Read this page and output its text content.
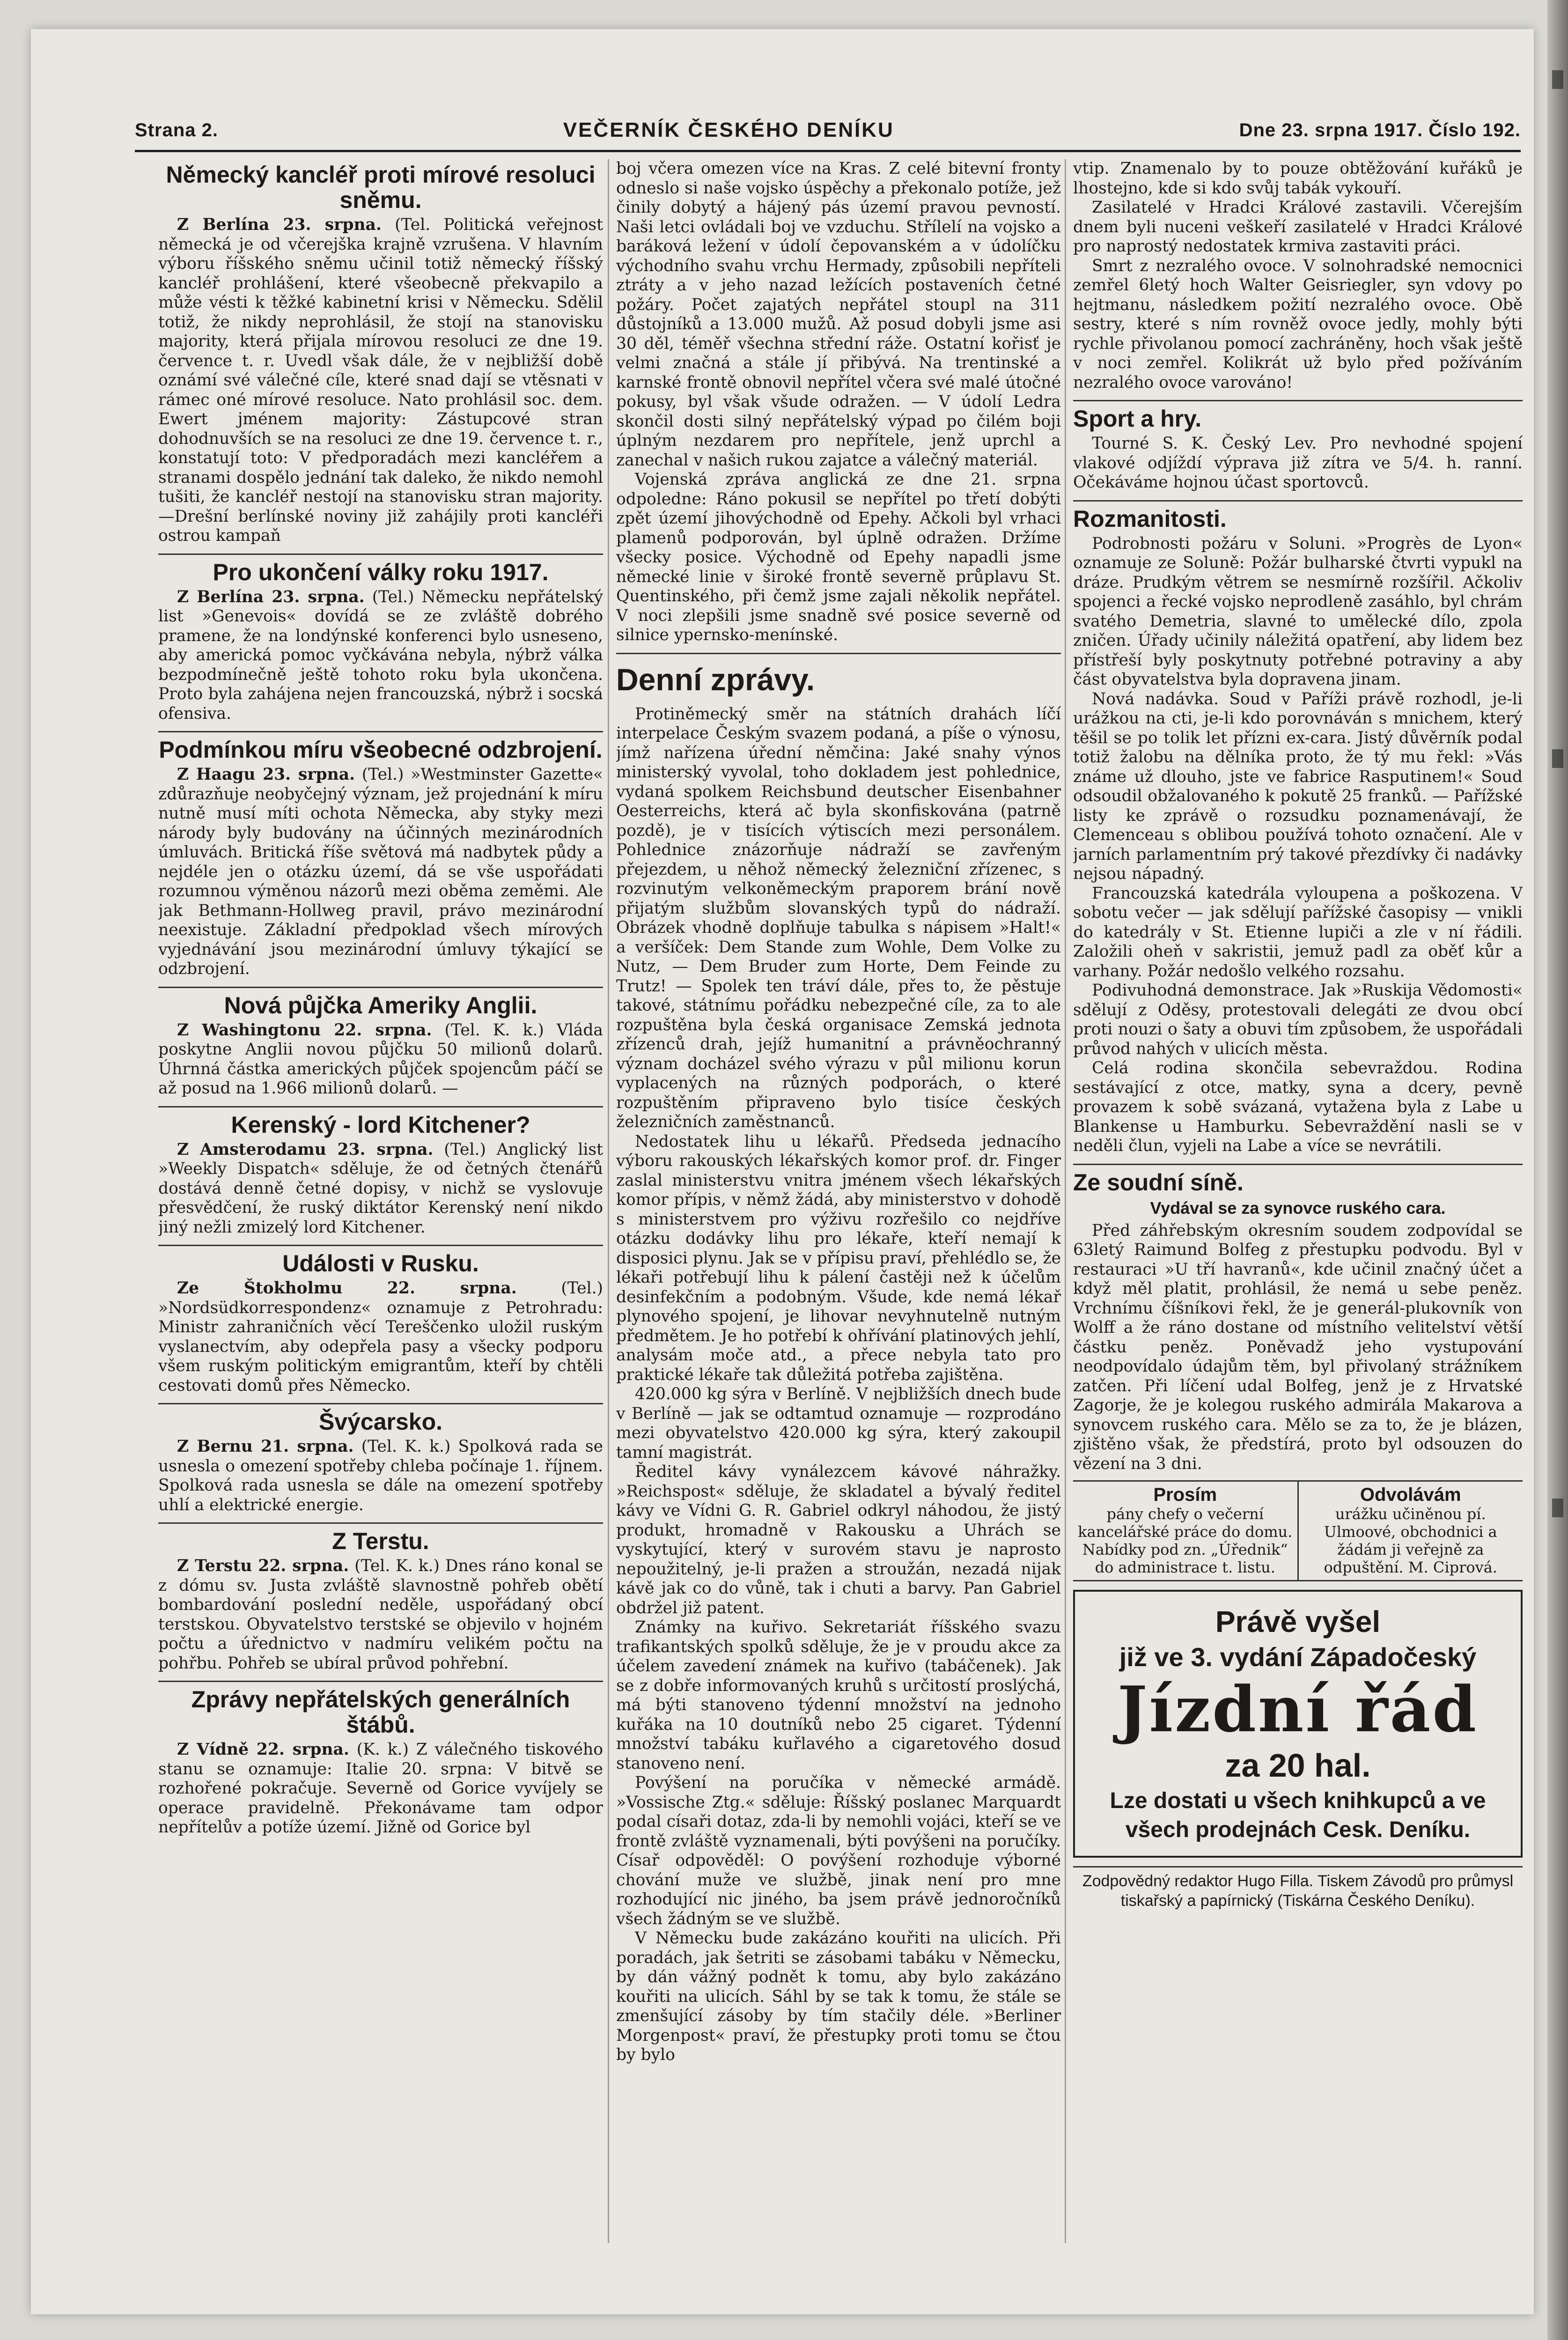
Strana 2.	VEČERNÍK ČESKÉHO DENÍKU	Dne 23. srpna 1917. Číslo 192.
Německý kancléř proti mírové resoluci sněmu.

Z Berlína 23. srpna. (Tel. Politická veřejnost německá je od včerejška krajně vzrušena. V hlavním výboru říšského sněmu učinil totiž německý říšský kancléř prohlášení, které všeobecně překvapilo a může vésti k těžké kabinetní krisi v Německu. Sdělil totiž, že nikdy neprohlásil, že stojí na stanovisku majority, která přijala mírovou resoluci ze dne 19. července t. r. Uvedl však dále, že v nejbližší době oznámí své válečné cíle, které snad dají se vtěsnati v rámec oné mírové resoluce. Nato prohlásil soc. dem. Ewert jménem majority: Zástupcové stran dohodnuvších se na resoluci ze dne 19. července t. r., konstatují toto: V předporadách mezi kancléřem a stranami dospělo jednání tak daleko, že nikdo nemohl tušiti, že kancléř nestojí na stanovisku stran majority.—Drešní berlínské noviny již zahájily proti kancléři ostrou kampaň

Pro ukončení války roku 1917.

Z Berlína 23. srpna. (Tel.) Německu nepřátelský list »Genevois« dovídá se ze zvláště dobrého pramene, že na londýnské konferenci bylo usneseno, aby americká pomoc vyčkávána nebyla, nýbrž válka bezpodmínečně ještě tohoto roku byla ukončena. Proto byla zahájena nejen francouzská, nýbrž i socská ofensiva.

Podmínkou míru všeobecné odzbrojení.

Z Haagu 23. srpna. (Tel.) »Westminster Gazette« zdůrazňuje neobyčejný význam, jež projednání k míru nutně musí míti ochota Německa, aby styky mezi národy byly budovány na účinných mezinárodních úmluvách. Britická říše světová má nadbytek půdy a nejdéle jen o otázku území, dá se vše uspořádati rozumnou výměnou názorů mezi oběma zeměmi. Ale jak Bethmann-Hollweg pravil, právo mezinárodní neexistuje. Základní předpoklad všech mírových vyjednávání jsou mezinárodní úmluvy týkající se odzbrojení.

Nová půjčka Ameriky Anglii.

Z Washingtonu 22. srpna. (Tel. K. k.) Vláda poskytne Anglii novou půjčku 50 milionů dolarů. Úhrnná částka amerických půjček spojencům páčí se až posud na 1.966 milionů dolarů. —

Kerenský - lord Kitchener?

Z Amsterodamu 23. srpna. (Tel.) Anglický list »Weekly Dispatch« sděluje, že od četných čtenářů dostává denně četné dopisy, v nichž se vyslovuje přesvědčení, že ruský diktátor Kerenský není nikdo jiný nežli zmizelý lord Kitchener.

Události v Rusku.

Ze Štokholmu 22. srpna.	(Tel.) »Nordsüdkorrespondenz« oznamuje z Petrohradu: Ministr zahraničních věcí Tereščenko uložil ruským vyslanectvím, aby odepřela pasy a všeckу podporu všem ruským politickým emigrantům, kteří by chtěli cestovati domů přes Německo.

Švýcarsko.

Z Bernu 21. srpna. (Tel. K. k.) Spolková rada se usnesla o omezení spotřeby chleba počínaje 1. říjnem. Spolková rada usnesla se dále na omezení spotřeby uhlí a elektrické energie.

Z Terstu.

Z Terstu 22. srpna. (Tel. K. k.) Dnes ráno konal se z dómu sv. Justa zvláště slavnostně pohřeb obětí bombardování poslední neděle, uspořádaný obcí terstskou. Obyvatelstvo terstské se objevilo v hojném počtu a úřednictvo v nadmíru velikém počtu na pohřbu. Pohřeb se ubíral průvod pohřební.

Zprávy nepřátelských generálních štábů.

Z Vídně 22. srpna. (K. k.) Z válečného tiskového stanu se oznamuje: Italie 20. srpna: V bitvě se rozhořené pokračuje. Severně od Gorice vyvíjely se operace pravidelně. Překonávame tam odpor nepřítelův a potíže území. Jižně od Gorice byl

boj včera omezen více na Kras. Z celé bitevní fronty odneslo si naše vojsko úspěchy a překonalo potíže, jež činily dobytý a hájený pás území pravou pevností. Naši letci ovládali boj ve vzduchu. Střílelí na vojsko a baráková ležení v údolí čepovanském a v údolíčku východního svahu vrchu Hermady, způsobili nepříteli ztráty a v jeho nazad ležících postaveních četné požáry. Počet zajatých nepřátel stoupl na 311 důstojníků a 13.000 mužů. Až posud dobyli jsme asi 30 děl, téměř všechna střední ráže. Ostatní kořisť je velmi značná a stále jí přibývá. Na trentinské a karnské frontě obnovil nepřítel včera své malé útočné pokusy, byl však všude odražen. — V údolí Ledra skončil dosti silný nepřátelský výpad po čilém boji úplným nezdarem pro nepřítele, jenž uprchl a zanechal v našich rukou zajatce a válečný materiál.

Vojenská zpráva anglická ze dne 21. srpna odpoledne: Ráno pokusil se nepřítel po třetí dobýti zpět území jihovýchodně od Epehy. Ačkoli byl vrhaci plamenů podporován, byl úplně odražen. Držíme všecky posice. Východně od Epehy napadli jsme německé linie v široké frontě severně průplavu St. Quentinského, při čemž jsme zajali několik nepřátel. V noci zlepšili jsme snadně své posice severně od silnice ypernsko-menínské.

Denní zprávy.

Protiněmecký směr na státních drahách líčí interpelace Českým svazem podaná, a píše o výnosu, jímž nařízena úřední němčina: Jaké snahy výnos ministerský vyvolal, toho dokladem jest pohlednice, vydaná spolkem Reichsbund deutscher Eisenbahner Oesterreichs, která ač byla skonfiskována (patrně pozdě), je v tisících výtiscích mezi personálem. Pohlednice znázorňuje nádraží se zavřeným přejezdem, u něhož německý železniční zřízenec, s rozvinutým velkoněmeckým praporem brání nově přijatým službům slovanských typů do nádraží. Obrázek vhodně doplňuje tabulka s nápisem »Halt!« a veršíček: Dem Stande zum Wohle, Dem Volke zu Nutz, — Dem Bruder zum Horte, Dem Feinde zu Trutz! — Spolek ten tráví dále, přes to, že pěstuje takové, státnímu pořádku nebezpečné cíle, za to ale rozpuštěna byla česká organisace Zemská jednota zřízenců drah, jejíž humanitní a právněochranný význam docházel svého výrazu v půl milionu korun vyplacených na různých podporách, o které rozpuštěním připraveno bylo tisíce českých železničních zaměstnanců.

Nedostatek lihu u lékařů. Předseda jednacího výboru rakouských lékařských komor prof. dr. Finger zaslal ministerstvu vnitra jménem všech lékařských komor přípis, v němž žádá, aby ministerstvo v dohodě s ministerstvem pro výživu rozřešilo co nejdříve otázku dodávky lihu pro lékaře, kteří nemají k disposici plynu. Jak se v přípisu praví, přehlédlo se, že lékaři potřebují lihu k pálení častěji než k účelům desinfekčním a podobným. Všude, kde nemá lékař plynového spojení, je lihovar nevyhnutelně nutným předmětem. Je ho potřebí k ohřívání platinových jehlí, analysám moče atd., a přece nebyla tato pro praktické lékaře tak důležitá potřeba zajištěna.

420.000 kg sýra v Berlíně. V nejbližších dnech bude v Berlíně — jak se odtamtud oznamuje — rozprodáno mezi obyvatelstvo 420.000 kg sýra, který zakoupil tamní magistrát.

Ředitel kávy vynálezcem kávové náhražky. »Reichspost« sděluje, že skladatel a bývalý ředitel kávy ve Vídni G. R. Gabriel odkryl náhodou, že jistý produkt, hromadně v Rakousku a Uhrách se vyskytující, který v surovém stavu je naprosto nepoužitelný, je-li pražen a stroužán, nezadá nijak kávě jak co do vůně, tak i chuti a barvy. Pan Gabriel obdržel již patent.

Známky na kuřivo. Sekretariát říšského svazu trafikantských spolků sděluje, že je v proudu akce za účelem zavedení známek na kuřivo (tabáčenek). Jak se z dobře informovaných kruhů s určitostí proslýchá, má býti stanoveno týdenní množství na jednoho kuřáka na 10 doutníků nebo 25 cigaret. Týdenní množství tabáku kuřlavého a cigaretového dosud stanoveno není.

Povýšení na poručíka v německé armádě. »Vossische Ztg.« sděluje: Říšský poslanec Marquardt podal císaři dotaz, zda-li by nemohli vojáci, kteří se ve frontě zvláště vyznamenali, býti povýšeni na poručíky. Císař odpověděl: O povýšení rozhoduje výborné chování muže ve službě, jinak není pro mne rozhodující nic jiného, ba jsem právě jednoročníků všech žádným se ve službě.

V Německu bude zakázáno kouřiti na ulicích. Při poradách, jak šetriti se zásobami tabáku v Německu, by dán vážný podnět k tomu, aby bylo zakázáno kouřiti na ulicích. Sáhl by se tak k tomu, že stále se zmenšující zásoby by tím stačily déle. »Berliner Morgenpost« praví, že přestupky proti tomu se čtou by bylo

vtip. Znamenalo by to pouze obtěžování kuřáků je lhostejno, kde si kdo svůj tabák vykouří.

Zasilatelé v Hradci Králové zastavili. Včerejším dnem byli nuceni veškeří zasilatelé v Hradci Králové pro naprostý nedostatek krmiva zastaviti práci.

Smrt z nezralého ovoce. V solnohradské nemocnici zemřel 6letý hoch Walter Geisriegler, syn vdovy po hejtmanu, následkem požití nezralého ovoce. Obě sestry, které s ním rovněž ovoce jedly, mohly býti rychle přivolanou pomocí zachráněny, hoch však ještě v noci zemřel. Kolikrát už bylo před požíváním nezralého ovoce varováno!

Sport a hry.

Tourné S. K. Český Lev. Pro nevhodné spojení vlakové odjíždí výprava již zítra ve 5/4. h. ranní. Očekáváme hojnou účast sportovců.

Rozmanitosti.

Podrobnosti požáru v Soluni. »Progrès de Lyon« oznamuje ze Soluně: Požár bulharské čtvrti vypukl na dráze. Prudkým větrem se nesmírně rozšířil. Ačkoliv spojenci a řecké vojsko neprodleně zasáhlo, byl chrám svatého Demetria, slavné to umělecké dílo, zpola zničen. Úřady učinily náležitá opatření, aby lidem bez přístřeší byly poskytnuty potřebné potraviny a aby část obyvatelstva byla dopravena jinam.

Nová nadávka. Soud v Paříži právě rozhodl, je-li urážkou na cti, je-li kdo porovnáván s mnichem, který těšil se po tolik let přízni ex-cara. Jistý důvěrník podal totiž žalobu na dělníka proto, že tý mu řekl: »Vás známe už dlouho, jste ve fabrice Rasputinem!« Soud odsoudil obžalovaného k pokutě 25 franků. — Pařížské listy ke zprávě o rozsudku poznamenávají, že Clemenceau s oblibou používá tohoto označení. Ale v jarních parlamentním prý takové přezdívky či nadávky nejsou nápadný.

Francouzská katedrála vyloupena a poškozena. V sobotu večer — jak sdělují pařížské časopisy — vnikli do katedrály v St. Etienne lupiči a zle v ní řádili. Založili oheň v sakristii, jemuž padl za oběť kůr a varhany. Požár nedošlo velkého rozsahu.

Podivuhodná demonstrace. Jak »Ruskija Vědomosti« sdělují z Oděsy, protestovali delegáti ze dvou obcí proti nouzi o šaty a obuvi tím způsobem, že uspořádali průvod nahých v ulicích města.

Celá rodina skončila sebevraždou. Rodina sestávající z otce, matky, syna a dcery, pevně provazem k sobě svázaná, vytažena byla z Labe u Blankense u Hamburku. Sebevraždění nasli se v neděli člun, vyjeli na Labe a více se nevrátili.

Ze soudní síně.
Vydával se za synovce ruského cara.

Před záhřebským okresním soudem zodpovídal se 63letý Raimund Bolfeg z přestupku podvodu. Byl v restauraci »U tří havranů«, kde učinil značný účet a když měl platit, prohlásil, že nemá u sebe peněz. Vrchnímu číšníkovi řekl, že je generál-plukovník von Wolff a že ráno dostane od místního velitelství větší částku peněz. Poněvadž jeho vystupování neodpovídalo údajům těm, byl přivolaný strážníkem zatčen. Při líčení udal Bolfeg, jenž je z Hrvatské Zagorje, že je kolegou ruského admirála Makarova a synovcem ruského cara. Mělo se za to, že je blázen, zjištěno však, že předstírá, proto byl odsouzen do vězení na 3 dni.

Prosím
pány chefy o večerní kancelářské práce do domu. Nabídky pod zn. „Úřednik“ do administrace t. listu.
Odvolávám
urážku učiněnou pí. Ulmoové, obchodnici a žádám ji veřejně za odpuštění. M. Ciprová.
Právě vyšel
již ve 3. vydání Západočeský
Jízdní řád
za 20 hal.
Lze dostati u všech knihkupců a ve všech prodejnách Cesk. Deníku.
Zodpovědný redaktor Hugo Filla. Tiskem Závodů pro průmysl tiskařský a papírnický (Tiskárna Českého Deníku).
